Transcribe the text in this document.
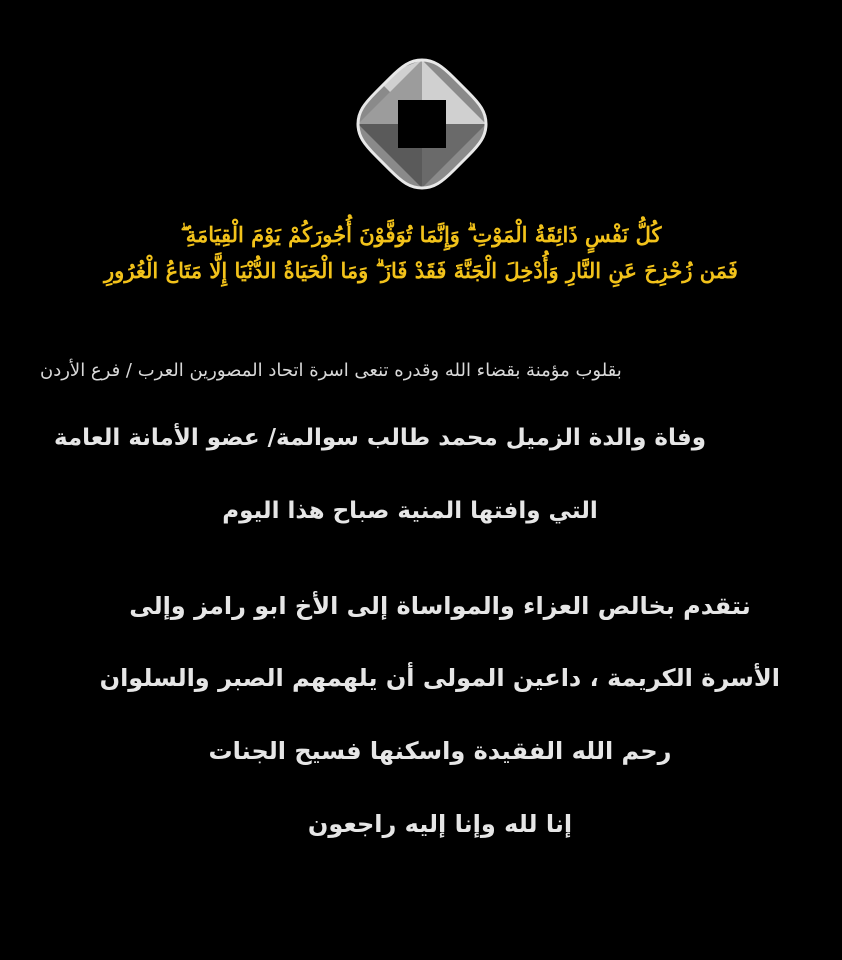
كُلُّ نَفْسٍ ذَائِقَةُ الْمَوْتِ ۗ وَإِنَّمَا تُوَفَّوْنَ أُجُورَكُمْ يَوْمَ الْقِيَامَةِ ۖ
فَمَن زُحْزِحَ عَنِ النَّارِ وَأُدْخِلَ الْجَنَّةَ فَقَدْ فَازَ ۗ وَمَا الْحَيَاةُ الدُّنْيَا إِلَّا مَتَاعُ الْغُرُورِ
بقلوب مؤمنة بقضاء الله وقدره تنعى اسرة اتحاد المصورين العرب / فرع الأردن
وفاة والدة الزميل محمد طالب سوالمة/ عضو الأمانة العامة
التي وافتها المنية صباح هذا اليوم
نتقدم بخالص العزاء والمواساة إلى الأخ ابو رامز وإلى
الأسرة الكريمة ، داعين المولى أن يلهمهم الصبر والسلوان
رحم الله الفقيدة واسكنها فسيح الجنات
إنا لله وإنا إليه راجعون
